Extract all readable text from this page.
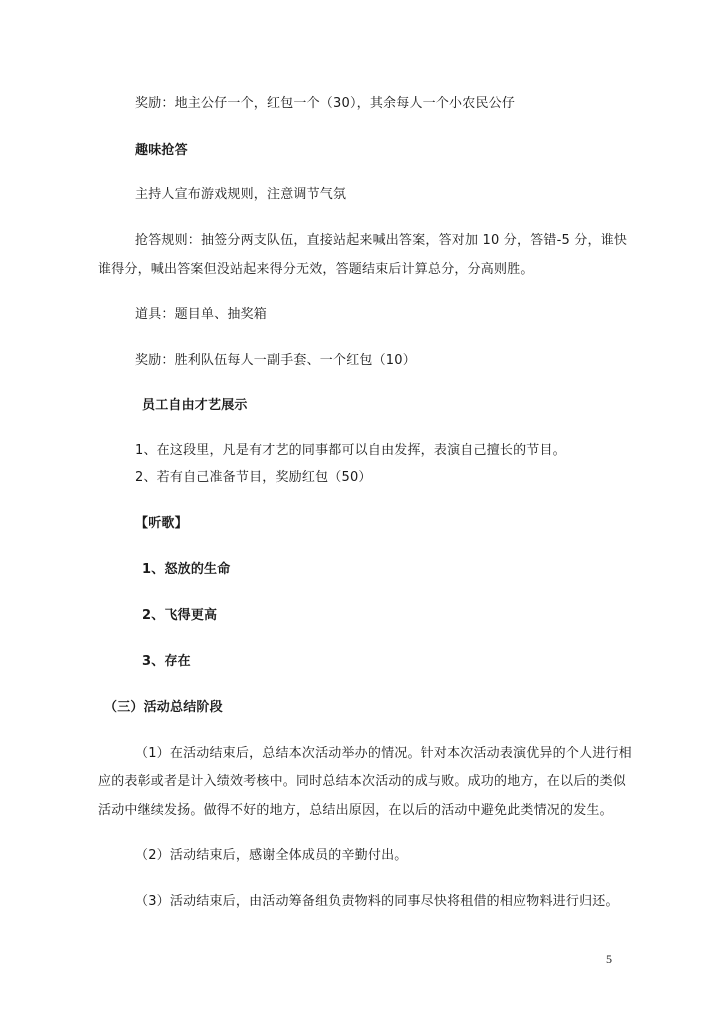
奖励：地主公仔一个，红包一个（30），其余每人一个小农民公仔
趣味抢答
主持人宣布游戏规则，注意调节气氛
抢答规则：抽签分两支队伍，直接站起来喊出答案，答对加 10 分，答错-5 分，谁快
谁得分，喊出答案但没站起来得分无效，答题结束后计算总分，分高则胜。
道具：题目单、抽奖箱
奖励：胜利队伍每人一副手套、一个红包（10）
员工自由才艺展示
1、在这段里，凡是有才艺的同事都可以自由发挥，表演自己擅长的节目。
2、若有自己准备节目，奖励红包（50）
【听歌】
1、怒放的生命
2、飞得更高
3、存在
（三）活动总结阶段
（1）在活动结束后，总结本次活动举办的情况。针对本次活动表演优异的个人进行相
应的表彰或者是计入绩效考核中。同时总结本次活动的成与败。成功的地方，在以后的类似
活动中继续发扬。做得不好的地方，总结出原因，在以后的活动中避免此类情况的发生。
（2）活动结束后，感谢全体成员的辛勤付出。
（3）活动结束后，由活动筹备组负责物料的同事尽快将租借的相应物料进行归还。
5
